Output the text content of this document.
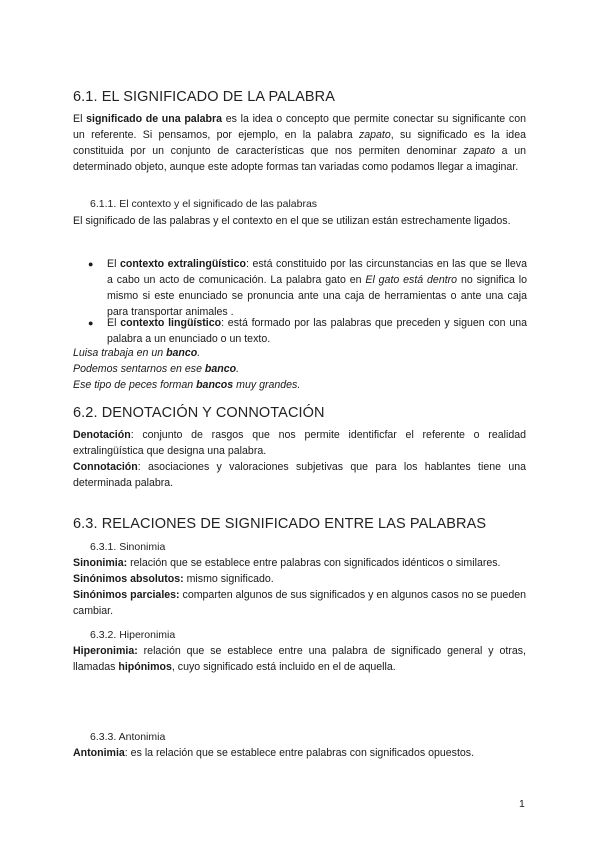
6.1. EL SIGNIFICADO DE LA PALABRA
El significado de una palabra es la idea o concepto que permite conectar su significante con un referente. Si pensamos, por ejemplo, en la palabra zapato, su significado es la idea constituida por un conjunto de características que nos permiten denominar zapato a un determinado objeto, aunque este adopte formas tan variadas como podamos llegar a imaginar.
6.1.1. El contexto y el significado de las palabras
El significado de las palabras y el contexto en el que se utilizan están estrechamente ligados.
● El contexto extralingüístico: está constituido por las circunstancias en las que se lleva a cabo un acto de comunicación. La palabra gato en El gato está dentro no significa lo mismo si este enunciado se pronuncia ante una caja de herramientas o ante una caja para transportar animales .
● El contexto lingüístico: está formado por las palabras que preceden y siguen con una palabra a un enunciado o un texto.
Luisa trabaja en un banco.
Podemos sentarnos en ese banco.
Ese tipo de peces forman bancos muy grandes.
6.2. DENOTACIÓN Y CONNOTACIÓN
Denotación: conjunto de rasgos que nos permite identificfar el referente o realidad extralingüística que designa una palabra.
Connotación: asociaciones y valoraciones subjetivas que para los hablantes tiene una determinada palabra.
6.3. RELACIONES DE SIGNIFICADO ENTRE LAS PALABRAS
6.3.1. Sinonimia
Sinonimia: relación que se establece entre palabras con significados idénticos o similares.
Sinónimos absolutos: mismo significado.
Sinónimos parciales: comparten algunos de sus significados y en algunos casos no se pueden cambiar.
6.3.2. Hiperonimia
Hiperonimia: relación que se establece entre una palabra de significado general y otras, llamadas hipónimos, cuyo significado está incluido en el de aquella.
6.3.3. Antonimia
Antonimia: es la relación que se establece entre palabras con significados opuestos.
1
